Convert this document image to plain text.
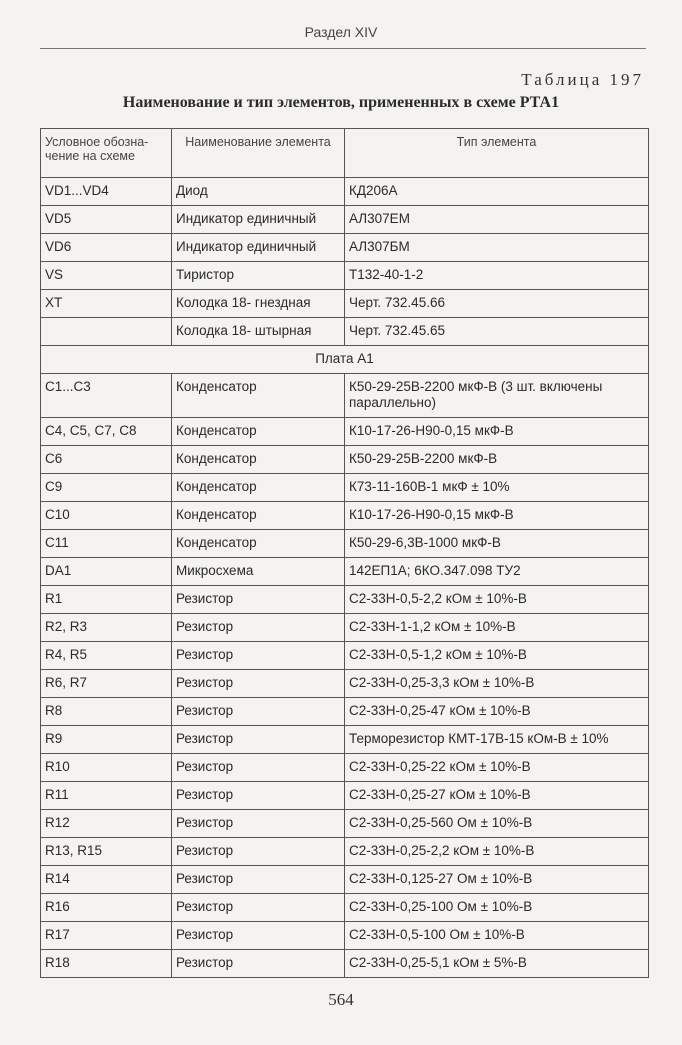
Раздел XIV
Таблица 197
Наименование и тип элементов, примененных в схеме РТА1
Условное обозна-чение на схеме	Наименование элемента	Тип элемента
VD1...VD4	Диод	КД206А
VD5	Индикатор единичный	АЛ307ЕМ
VD6	Индикатор единичный	АЛ307БМ
VS	Тиристор	Т132-40-1-2
XT	Колодка 18- гнездная	Черт. 732.45.66
	Колодка 18- штырная	Черт. 732.45.65
Плата А1		
C1...C3	Конденсатор	К50-29-25В-2200 мкФ-В (3 шт. включены параллельно)
C4, C5, C7, C8	Конденсатор	К10-17-26-Н90-0,15 мкФ-В
C6	Конденсатор	К50-29-25В-2200 мкФ-В
C9	Конденсатор	К73-11-160В-1 мкФ ± 10%
C10	Конденсатор	К10-17-26-Н90-0,15 мкФ-В
C11	Конденсатор	К50-29-6,3В-1000 мкФ-В
DA1	Микросхема	142ЕП1А; 6КО.347.098 ТУ2
R1	Резистор	С2-33Н-0,5-2,2 кОм ± 10%-В
R2, R3	Резистор	С2-33Н-1-1,2 кОм ± 10%-В
R4, R5	Резистор	С2-33Н-0,5-1,2 кОм ± 10%-В
R6, R7	Резистор	С2-33Н-0,25-3,3 кОм ± 10%-В
R8	Резистор	С2-33Н-0,25-47 кОм ± 10%-В
R9	Резистор	Терморезистор КМТ-17В-15 кОм-В ± 10%
R10	Резистор	С2-33Н-0,25-22 кОм ± 10%-В
R11	Резистор	С2-33Н-0,25-27 кОм ± 10%-В
R12	Резистор	С2-33Н-0,25-560 Ом ± 10%-В
R13, R15	Резистор	С2-33Н-0,25-2,2 кОм ± 10%-В
R14	Резистор	С2-33Н-0,125-27 Ом ± 10%-В
R16	Резистор	С2-33Н-0,25-100 Ом ± 10%-В
R17	Резистор	С2-33Н-0,5-100 Ом ± 10%-В
R18	Резистор	С2-33Н-0,25-5,1 кОм ± 5%-В
564
